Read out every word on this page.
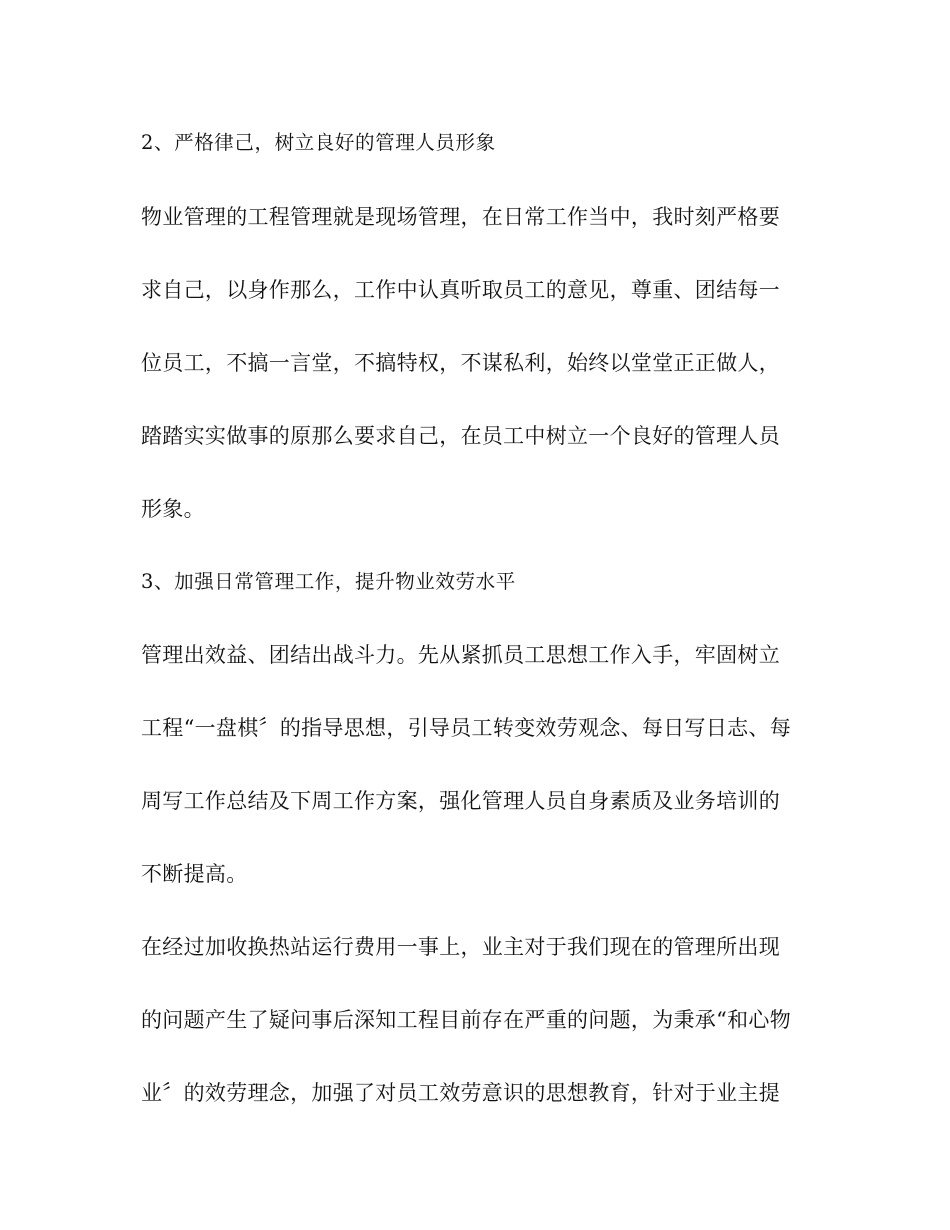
2、严格律己，树立良好的管理人员形象
物业管理的工程管理就是现场管理，在日常工作当中，我时刻严格要
求自己，以身作那么，工作中认真听取员工的意见，尊重、团结每一
位员工，不搞一言堂，不搞特权，不谋私利，始终以堂堂正正做人，
踏踏实实做事的原那么要求自己，在员工中树立一个良好的管理人员
形象。
3、加强日常管理工作，提升物业效劳水平
管理出效益、团结出战斗力。先从紧抓员工思想工作入手，牢固树立
工程“一盘棋〞的指导思想，引导员工转变效劳观念、每日写日志、每
周写工作总结及下周工作方案，强化管理人员自身素质及业务培训的
不断提高。
在经过加收换热站运行费用一事上，业主对于我们现在的管理所出现
的问题产生了疑问事后深知工程目前存在严重的问题，为秉承“和心物
业〞的效劳理念，加强了对员工效劳意识的思想教育，针对于业主提
